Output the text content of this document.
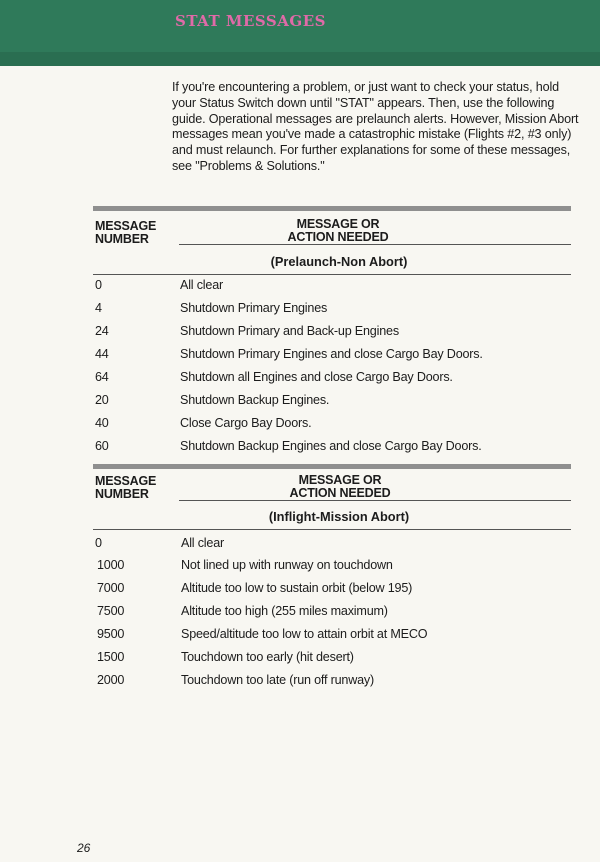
STAT MESSAGES
If you're encountering a problem, or just want to check your status, hold your Status Switch down until "STAT" appears. Then, use the following guide. Operational messages are prelaunch alerts. However, Mission Abort messages mean you've made a catastrophic mistake (Flights #2, #3 only) and must relaunch. For further explanations for some of these messages, see "Problems & Solutions."
MESSAGE
NUMBER
MESSAGE OR
ACTION NEEDED
(Prelaunch-Non Abort)
0	All clear
4	Shutdown Primary Engines
24	Shutdown Primary and Back-up Engines
44	Shutdown Primary Engines and close Cargo Bay Doors.
64	Shutdown all Engines and close Cargo Bay Doors.
20	Shutdown Backup Engines.
40	Close Cargo Bay Doors.
60	Shutdown Backup Engines and close Cargo Bay Doors.
MESSAGE
NUMBER
MESSAGE OR
ACTION NEEDED
(Inflight-Mission Abort)
0	All clear
1000	Not lined up with runway on touchdown
7000	Altitude too low to sustain orbit (below 195)
7500	Altitude too high (255 miles maximum)
9500	Speed/altitude too low to attain orbit at MECO
1500	Touchdown too early (hit desert)
2000	Touchdown too late (run off runway)
26
